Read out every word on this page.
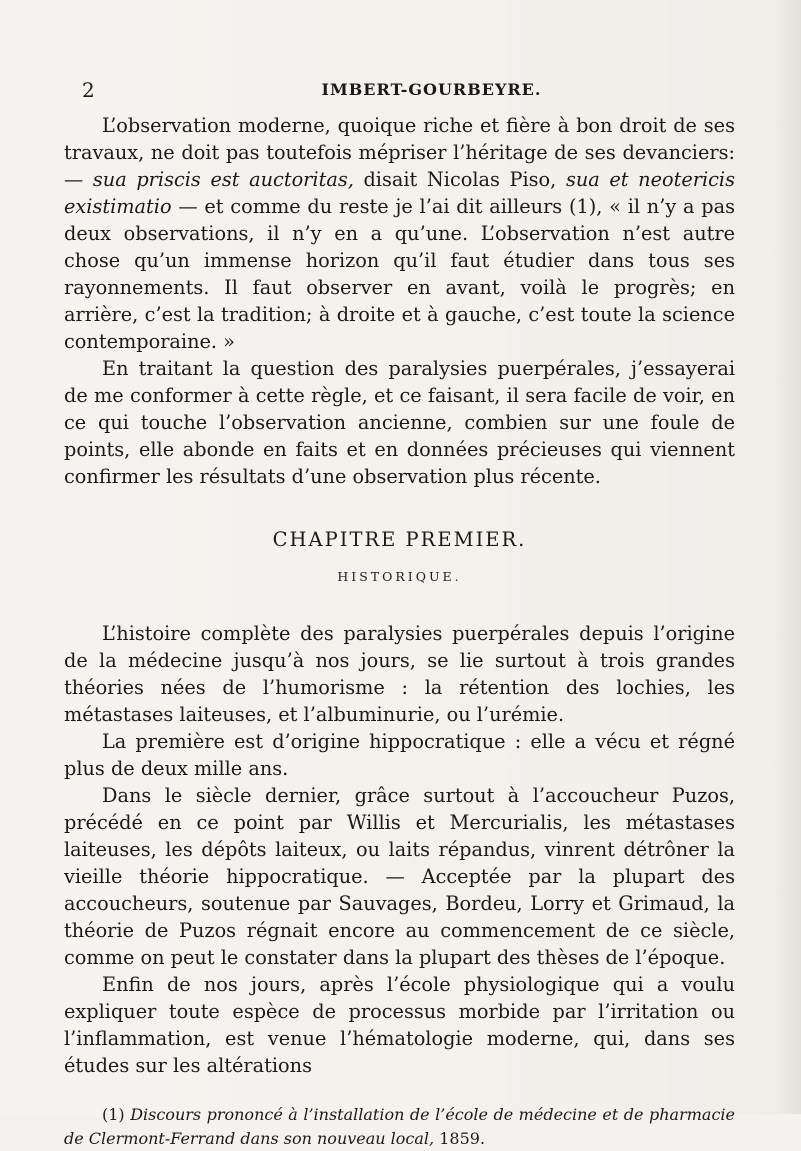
2	IMBERT-GOURBEYRE.

L’observation moderne, quoique riche et fière à bon droit de ses travaux, ne doit pas toutefois mépriser l’héritage de ses devanciers: — sua priscis est auctoritas, disait Nicolas Piso, sua et neotericis existimatio — et comme du reste je l’ai dit ailleurs (1), « il n’y a pas deux observations, il n’y en a qu’une. L’observation n’est autre chose qu’un immense horizon qu’il faut étudier dans tous ses rayonnements. Il faut observer en avant, voilà le progrès; en arrière, c’est la tradition; à droite et à gauche, c’est toute la science contemporaine. »

En traitant la question des paralysies puerpérales, j’essayerai de me conformer à cette règle, et ce faisant, il sera facile de voir, en ce qui touche l’observation ancienne, combien sur une foule de points, elle abonde en faits et en données précieuses qui viennent confirmer les résultats d’une observation plus récente.

CHAPITRE PREMIER.
HISTORIQUE.

L’histoire complète des paralysies puerpérales depuis l’origine de la médecine jusqu’à nos jours, se lie surtout à trois grandes théories nées de l’humorisme : la rétention des lochies, les métastases laiteuses, et l’albuminurie, ou l’urémie.

La première est d’origine hippocratique : elle a vécu et régné plus de deux mille ans.

Dans le siècle dernier, grâce surtout à l’accoucheur Puzos, précédé en ce point par Willis et Mercurialis, les métastases laiteuses, les dépôts laiteux, ou laits répandus, vinrent détrôner la vieille théorie hippocratique. — Acceptée par la plupart des accoucheurs, soutenue par Sauvages, Bordeu, Lorry et Grimaud, la théorie de Puzos régnait encore au commencement de ce siècle, comme on peut le constater dans la plupart des thèses de l’époque.

Enfin de nos jours, après l’école physiologique qui a voulu expliquer toute espèce de processus morbide par l’irritation ou l’inflammation, est venue l’hématologie moderne, qui, dans ses études sur les altérations

(1) Discours prononcé à l’installation de l’école de médecine et de pharmacie de Clermont-Ferrand dans son nouveau local, 1859.
